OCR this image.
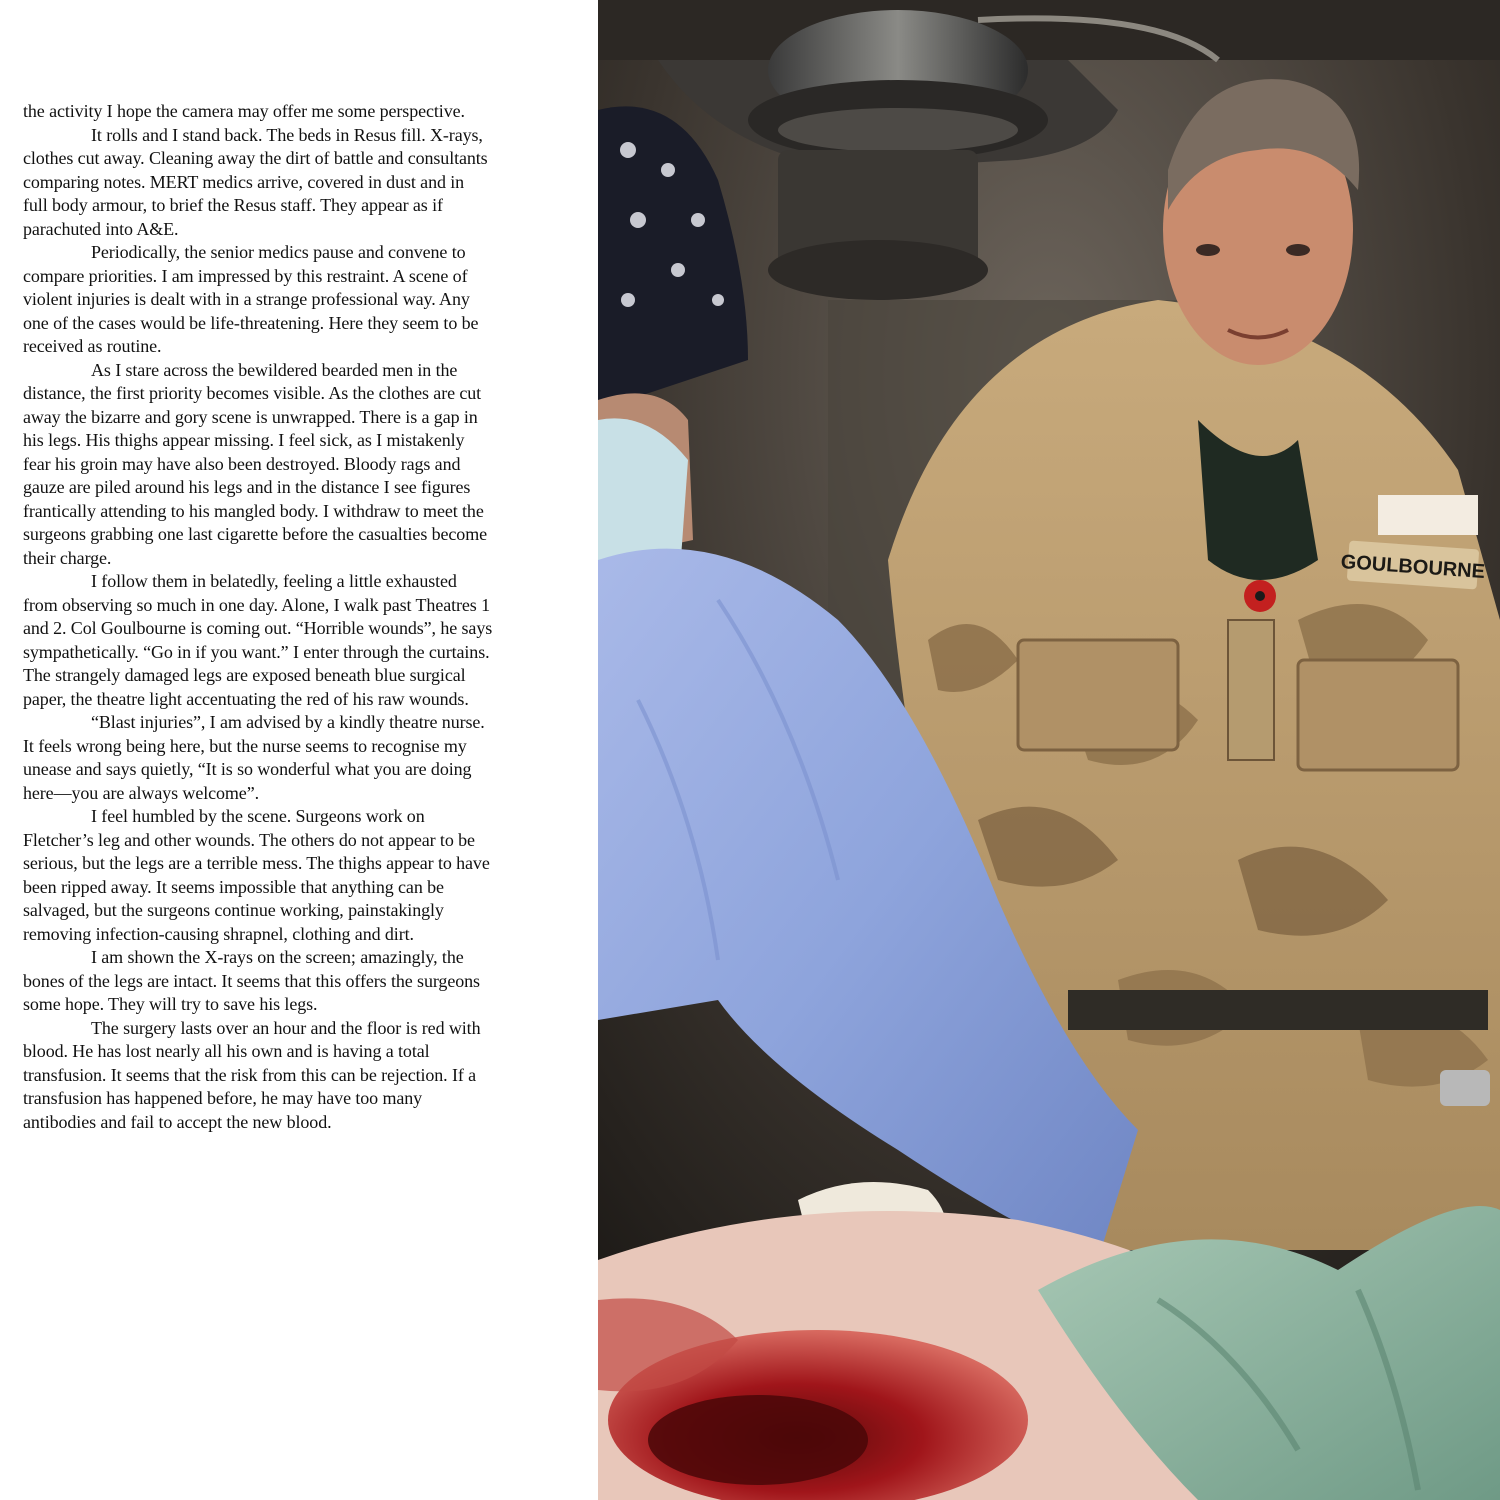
the activity I hope the camera may offer me some perspective.

It rolls and I stand back. The beds in Resus fill. X-rays, clothes cut away. Cleaning away the dirt of battle and consultants comparing notes. MERT medics arrive, covered in dust and in full body armour, to brief the Resus staff. They appear as if parachuted into A&E.

Periodically, the senior medics pause and convene to compare priorities. I am impressed by this restraint. A scene of violent injuries is dealt with in a strange professional way. Any one of the cases would be life-threatening. Here they seem to be received as routine.

As I stare across the bewildered bearded men in the distance, the first priority becomes visible. As the clothes are cut away the bizarre and gory scene is unwrapped. There is a gap in his legs. His thighs appear missing. I feel sick, as I mistakenly fear his groin may have also been destroyed. Bloody rags and gauze are piled around his legs and in the distance I see figures frantically attending to his mangled body. I withdraw to meet the surgeons grabbing one last cigarette before the casualties become their charge.

I follow them in belatedly, feeling a little exhausted from observing so much in one day. Alone, I walk past Theatres 1 and 2. Col Goulbourne is coming out. “Horrible wounds”, he says sympathetically. “Go in if you want.” I enter through the curtains. The strangely damaged legs are exposed beneath blue surgical paper, the theatre light accentuating the red of his raw wounds.

“Blast injuries”, I am advised by a kindly theatre nurse. It feels wrong being here, but the nurse seems to recognise my unease and says quietly, “It is so wonderful what you are doing here—you are always welcome”.

I feel humbled by the scene. Surgeons work on Fletcher’s leg and other wounds. The others do not appear to be serious, but the legs are a terrible mess. The thighs appear to have been ripped away. It seems impossible that anything can be salvaged, but the surgeons continue working, painstakingly removing infection-causing shrapnel, clothing and dirt.

I am shown the X-rays on the screen; amazingly, the bones of the legs are intact. It seems that this offers the surgeons some hope. They will try to save his legs.

The surgery lasts over an hour and the floor is red with blood. He has lost nearly all his own and is having a total transfusion. It seems that the risk from this can be rejection. If a transfusion has happened before, he may have too many antibodies and fail to accept the new blood.

GOULBOURNE
